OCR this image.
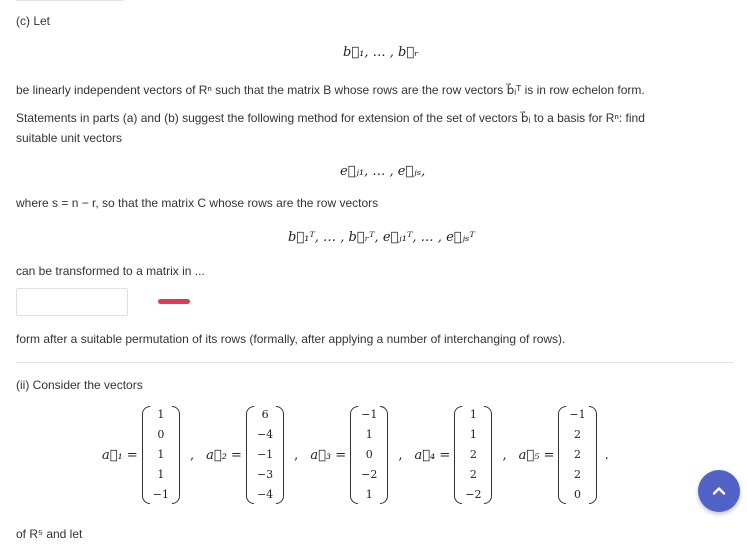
(c) Let
b⃗₁, … , b⃗ᵣ
be linearly independent vectors of Rⁿ such that the matrix B whose rows are the row vectors b⃗ᵢᵀ is in row echelon form.
Statements in parts (a) and (b) suggest the following method for extension of the set of vectors b⃗ᵢ to a basis for Rⁿ: find
suitable unit vectors
e⃗ⱼ₁, … , e⃗ⱼₛ,
where s = n − r, so that the matrix C whose rows are the row vectors
b⃗₁ᵀ, … , b⃗ᵣᵀ, e⃗ⱼ₁ᵀ, … , e⃗ⱼₛᵀ
can be transformed to a matrix in ...
form after a suitable permutation of its rows (formally, after applying a number of interchanging of rows).
(ii) Consider the vectors
a⃗₁ =
1
0
1
1
−1
, a⃗₂ =
6
−4
−1
−3
−4
, a⃗₃ =
−1
1
0
−2
1
, a⃗₄ =
1
1
2
2
−2
, a⃗₅ =
−1
2
2
2
0
.
of R⁵ and let
